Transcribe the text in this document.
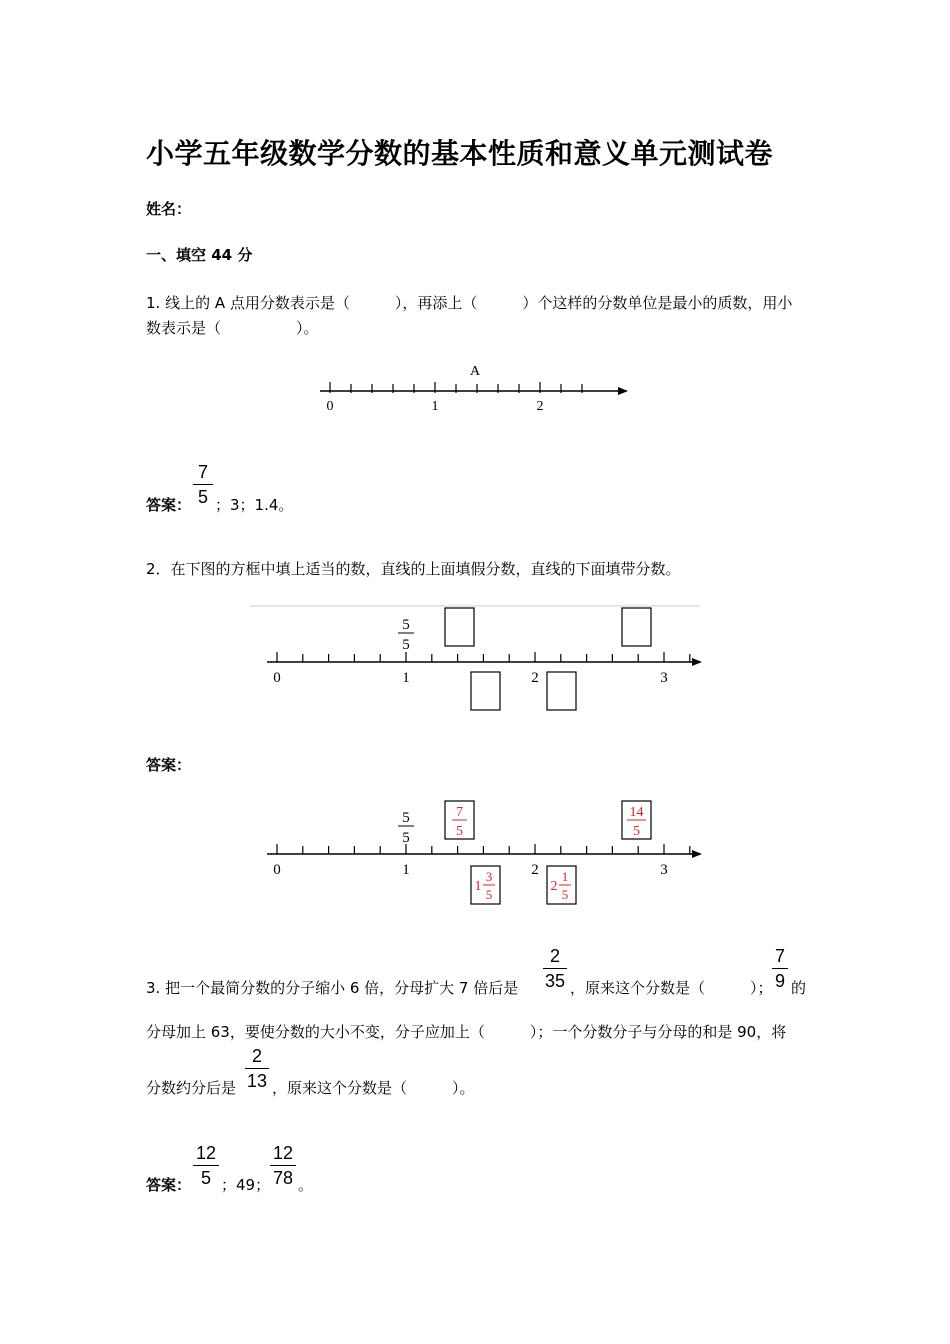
小学五年级数学分数的基本性质和意义单元测试卷
姓名：
一、填空 44 分
1. 线上的 A 点用分数表示是（　　　），再添上（　　　）个这样的分数单位是最小的质数，用小
数表示是（　　　　　）。
0	1	2
A
答案：
7
5 ；3；1.4。
2．在下图的方框中填上适当的数，直线的上面填假分数，直线的下面填带分数。
0	1	2	3
5
5
答案：
0	1	2	3
5
5
7
5
14
5
1
3
5
2
1
5
3. 把一个最简分数的分子缩小 6 倍，分母扩大 7 倍后是
2
35 ，原来这个分数是（　　　）；
7
9 的
分母加上 63，要使分数的大小不变，分子应加上（　　　）；一个分数分子与分母的和是 90，将
分数约分后是
2
13 ，原来这个分数是（　　　）。
答案：
12
5 ；49；
12
78 。
